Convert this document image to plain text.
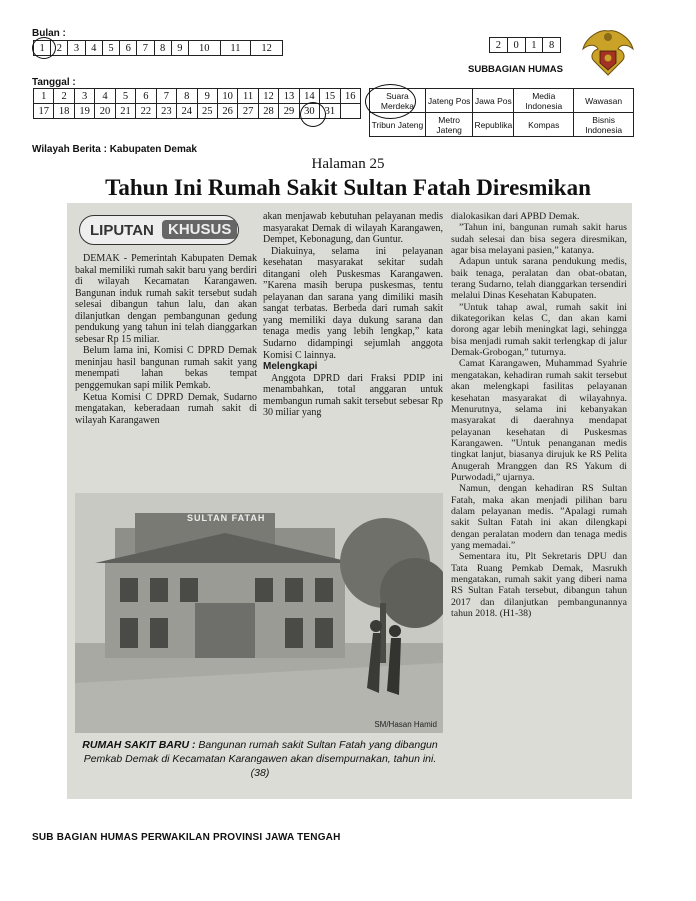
Bulan :
1	2	3	4	5	6	7	8	9	10	11	12
Tanggal :
1	2	3	4	5	6	7	8	9	10	11	12	13	14	15	16
17	18	19	20	21	22	23	24	25	26	27	28	29	30	31	
Suara Merdeka	Jateng Pos	Jawa Pos	Media Indonesia	Wawasan
Tribun Jateng	Metro Jateng	Republika	Kompas	Bisnis Indonesia
2	0	1	8
SUBBAGIAN HUMAS
Wilayah Berita : Kabupaten Demak
Halaman 25
Tahun Ini Rumah Sakit Sultan Fatah Diresmikan
LIPUTAN KHUSUS

DEMAK - Pemerintah Kabupaten Demak bakal memiliki rumah sakit baru yang berdiri di wilayah Kecamatan Karangawen. Bangunan induk rumah sakit tersebut sudah selesai dibangun tahun lalu, dan akan dilanjutkan dengan pembangunan gedung pendukung yang tahun ini telah dianggarkan sebesar Rp 15 miliar.

Belum lama ini, Komisi C DPRD Demak meninjau hasil bangunan rumah sakit yang menempati lahan bekas tempat penggemukan sapi milik Pemkab.

Ketua Komisi C DPRD Demak, Sudarno mengatakan, keberadaan rumah sakit di wilayah Karangawen

akan menjawab kebutuhan pelayanan medis masyarakat Demak di wilayah Karangawen, Dempet, Kebonagung, dan Guntur.

Diakuinya, selama ini pelayanan kesehatan masyarakat sekitar sudah ditangani oleh Puskesmas Karangawen. ”Karena masih berupa puskesmas, tentu pelayanan dan sarana yang dimiliki masih sangat terbatas. Berbeda dari rumah sakit yang memiliki daya dukung sarana dan tenaga medis yang lebih lengkap,” kata Sudarno didampingi sejumlah anggota Komisi C lainnya.

Melengkapi

Anggota DPRD dari Fraksi PDIP ini menambahkan, total anggaran untuk membangun rumah sakit tersebut sebesar Rp 30 miliar yang

dialokasikan dari APBD Demak.

”Tahun ini, bangunan rumah sakit harus sudah selesai dan bisa segera diresmikan, agar bisa melayani pasien,” katanya.

Adapun untuk sarana pendukung medis, baik tenaga, peralatan dan obat-obatan, terang Sudarno, telah dianggarkan tersendiri melalui Dinas Kesehatan Kabupaten.

”Untuk tahap awal, rumah sakit ini dikategorikan kelas C, dan akan kami dorong agar lebih meningkat lagi, sehingga bisa menjadi rumah sakit terlengkap di jalur Demak-Grobogan,” tuturnya.

Camat Karangawen, Muhammad Syahrie mengatakan, kehadiran rumah sakit tersebut akan melengkapi fasilitas pelayanan kesehatan masyarakat di wilayahnya. Menurutnya, selama ini kebanyakan masyarakat di daerahnya mendapat pelayanan kesehatan di Puskesmas Karangawen. ”Untuk penanganan medis tingkat lanjut, biasanya dirujuk ke RS Pelita Anugerah Mranggen dan RS Yakum di Purwodadi,” ujarnya.

Namun, dengan kehadiran RS Sultan Fatah, maka akan menjadi pilihan baru dalam pelayanan medis. ”Apalagi rumah sakit Sultan Fatah ini akan dilengkapi dengan peralatan modern dan tenaga medis yang memadai.”

Sementara itu, Plt Sekretaris DPU dan Tata Ruang Pemkab Demak, Masrukh mengatakan, rumah sakit yang diberi nama RS Sultan Fatah tersebut, dibangun tahun 2017 dan dilanjutkan pembangunannya tahun 2018. (H1-38)

SULTAN FATAH
SM/Hasan Hamid
RUMAH SAKIT BARU : Bangunan rumah sakit Sultan Fatah yang dibangun Pemkab Demak di Kecamatan Karangawen akan disempurnakan, tahun ini. (38)
SUB BAGIAN HUMAS PERWAKILAN PROVINSI JAWA TENGAH
